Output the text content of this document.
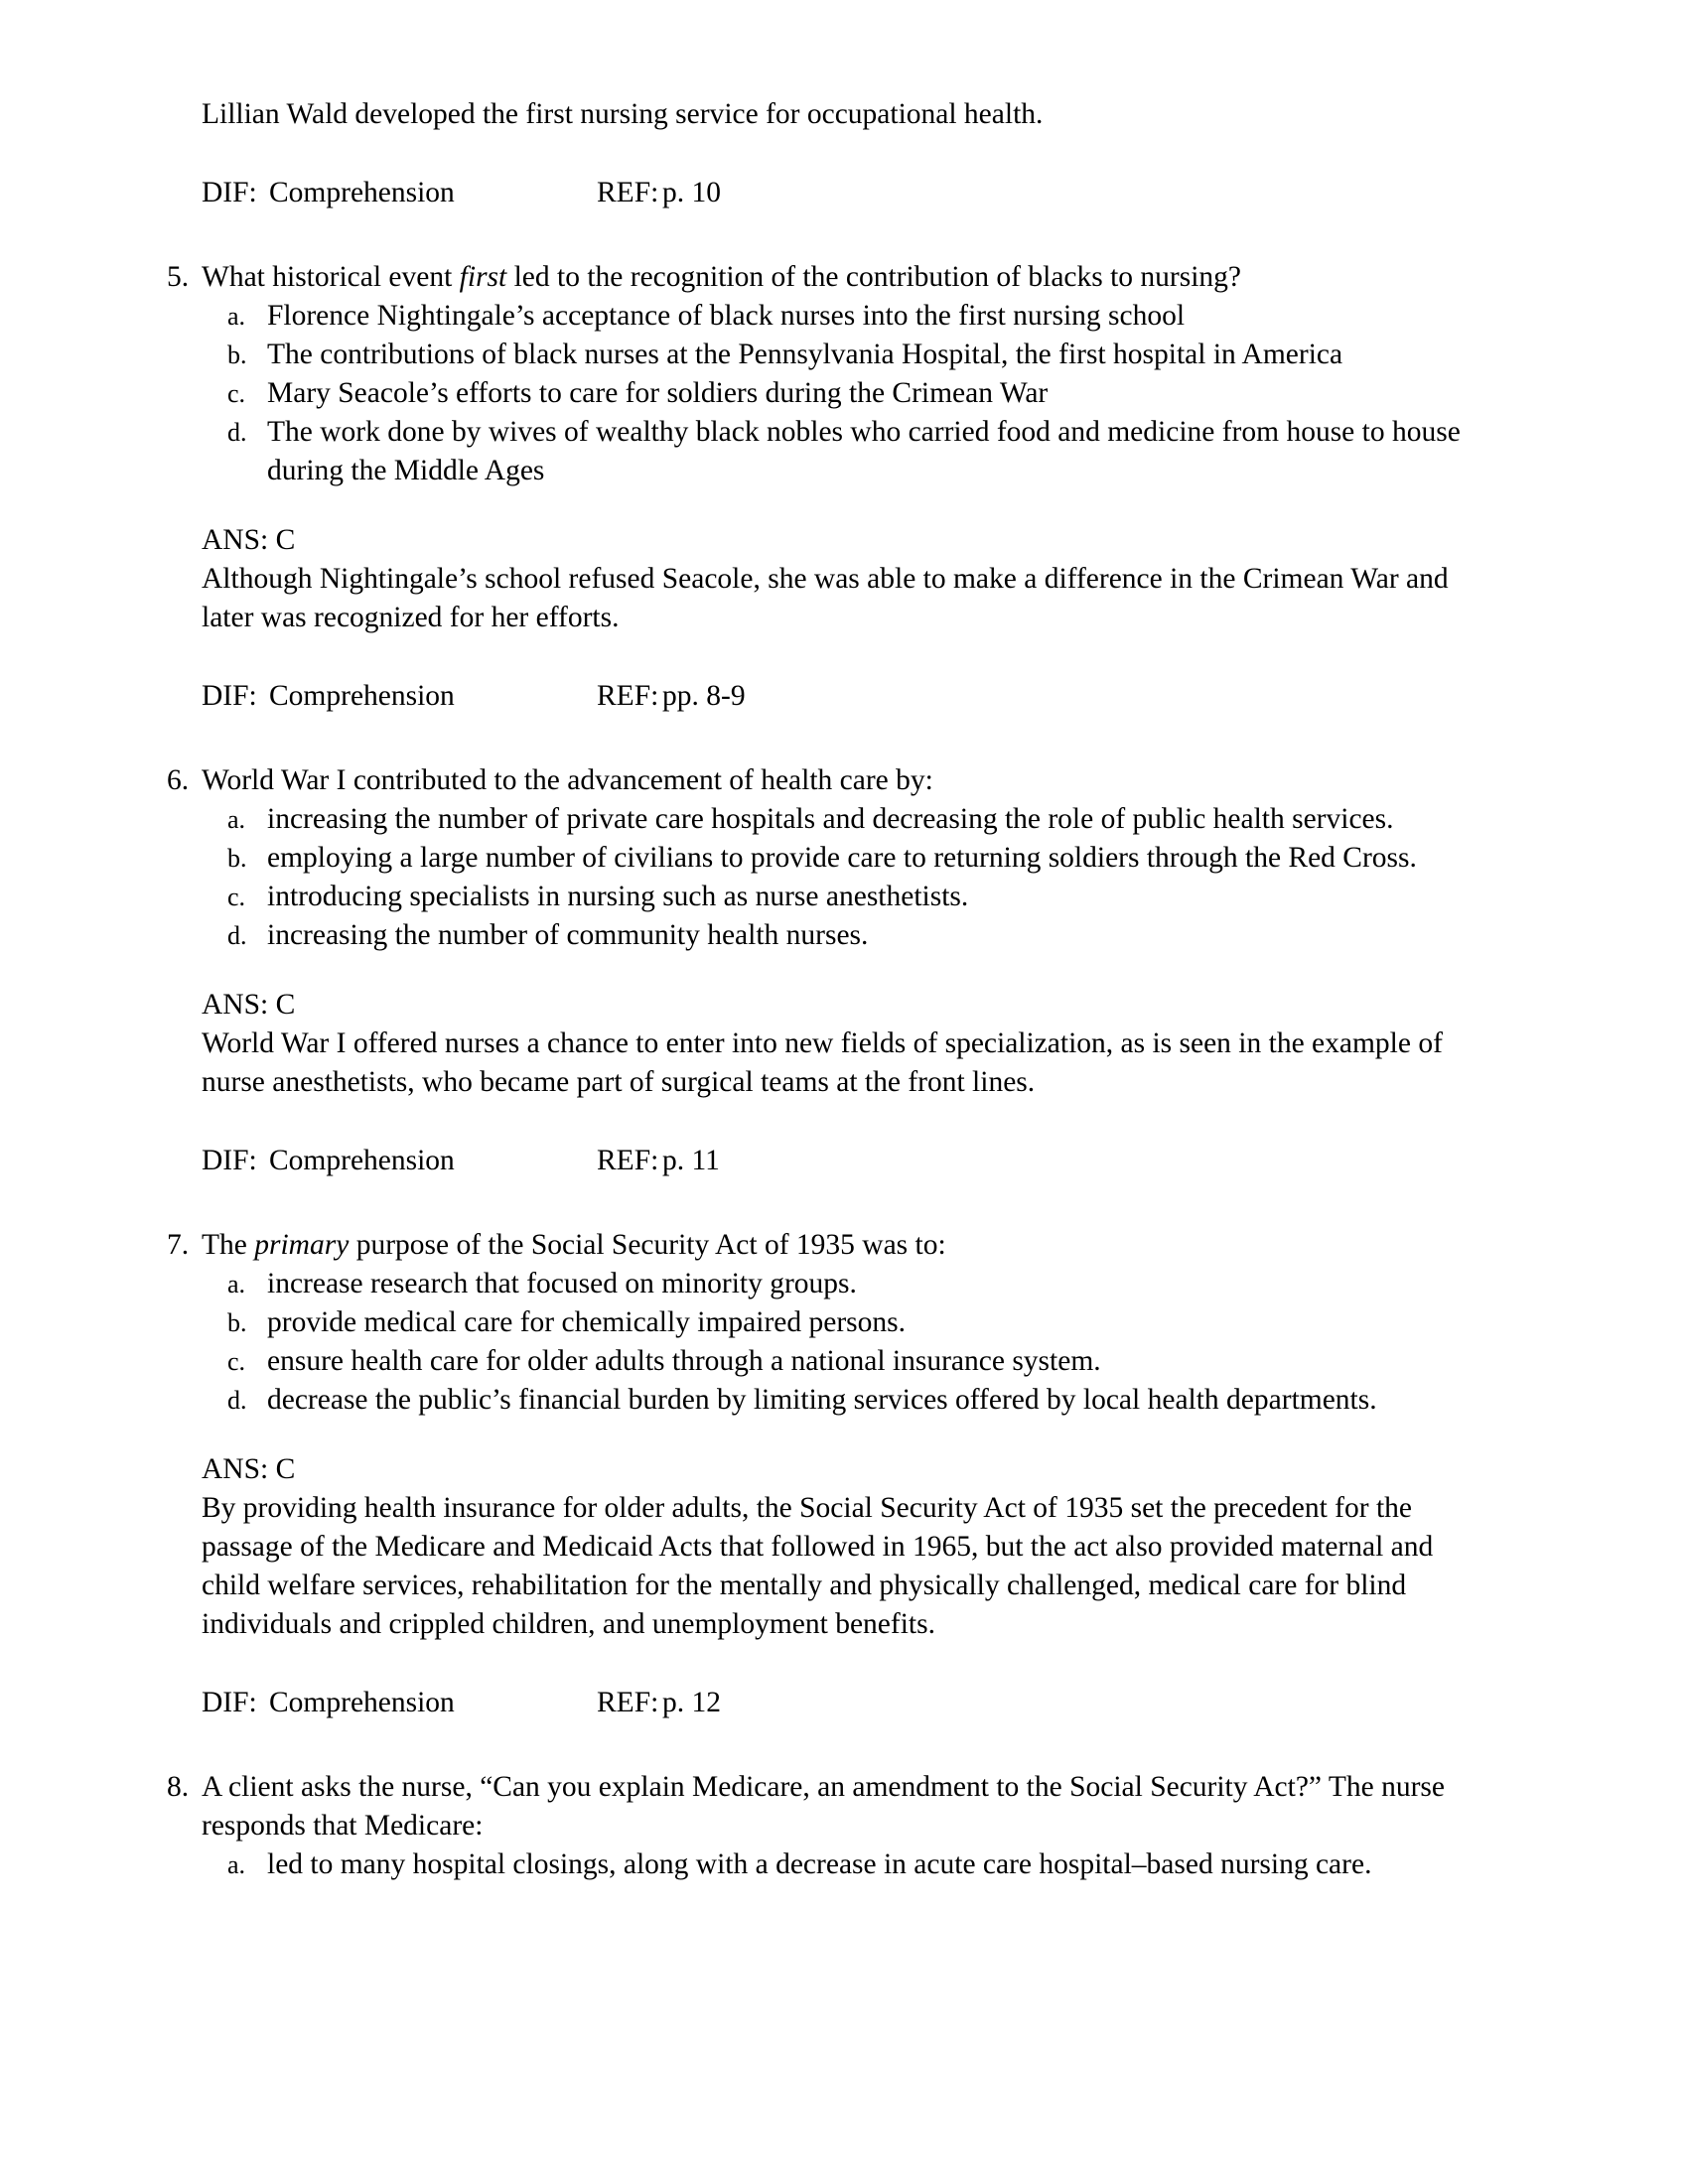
Lillian Wald developed the first nursing service for occupational health.

DIF: Comprehension	REF: p. 10
5. What historical event first led to the recognition of the contribution of blacks to nursing?
a. Florence Nightingale’s acceptance of black nurses into the first nursing school
b. The contributions of black nurses at the Pennsylvania Hospital, the first hospital in America
c. Mary Seacole’s efforts to care for soldiers during the Crimean War
d. The work done by wives of wealthy black nobles who carried food and medicine from house to house during the Middle Ages

ANS: C

Although Nightingale’s school refused Seacole, she was able to make a difference in the Crimean War and later was recognized for her efforts.

DIF: Comprehension	REF: pp. 8-9
6. World War I contributed to the advancement of health care by:
a. increasing the number of private care hospitals and decreasing the role of public health services.
b. employing a large number of civilians to provide care to returning soldiers through the Red Cross.
c. introducing specialists in nursing such as nurse anesthetists.
d. increasing the number of community health nurses.

ANS: C

World War I offered nurses a chance to enter into new fields of specialization, as is seen in the example of nurse anesthetists, who became part of surgical teams at the front lines.

DIF: Comprehension	REF: p. 11
7. The primary purpose of the Social Security Act of 1935 was to:
a. increase research that focused on minority groups.
b. provide medical care for chemically impaired persons.
c. ensure health care for older adults through a national insurance system.
d. decrease the public’s financial burden by limiting services offered by local health departments.

ANS: C

By providing health insurance for older adults, the Social Security Act of 1935 set the precedent for the passage of the Medicare and Medicaid Acts that followed in 1965, but the act also provided maternal and child welfare services, rehabilitation for the mentally and physically challenged, medical care for blind individuals and crippled children, and unemployment benefits.

DIF: Comprehension	REF: p. 12
8. A client asks the nurse, “Can you explain Medicare, an amendment to the Social Security Act?” The nurse responds that Medicare:
a. led to many hospital closings, along with a decrease in acute care hospital–based nursing care.
